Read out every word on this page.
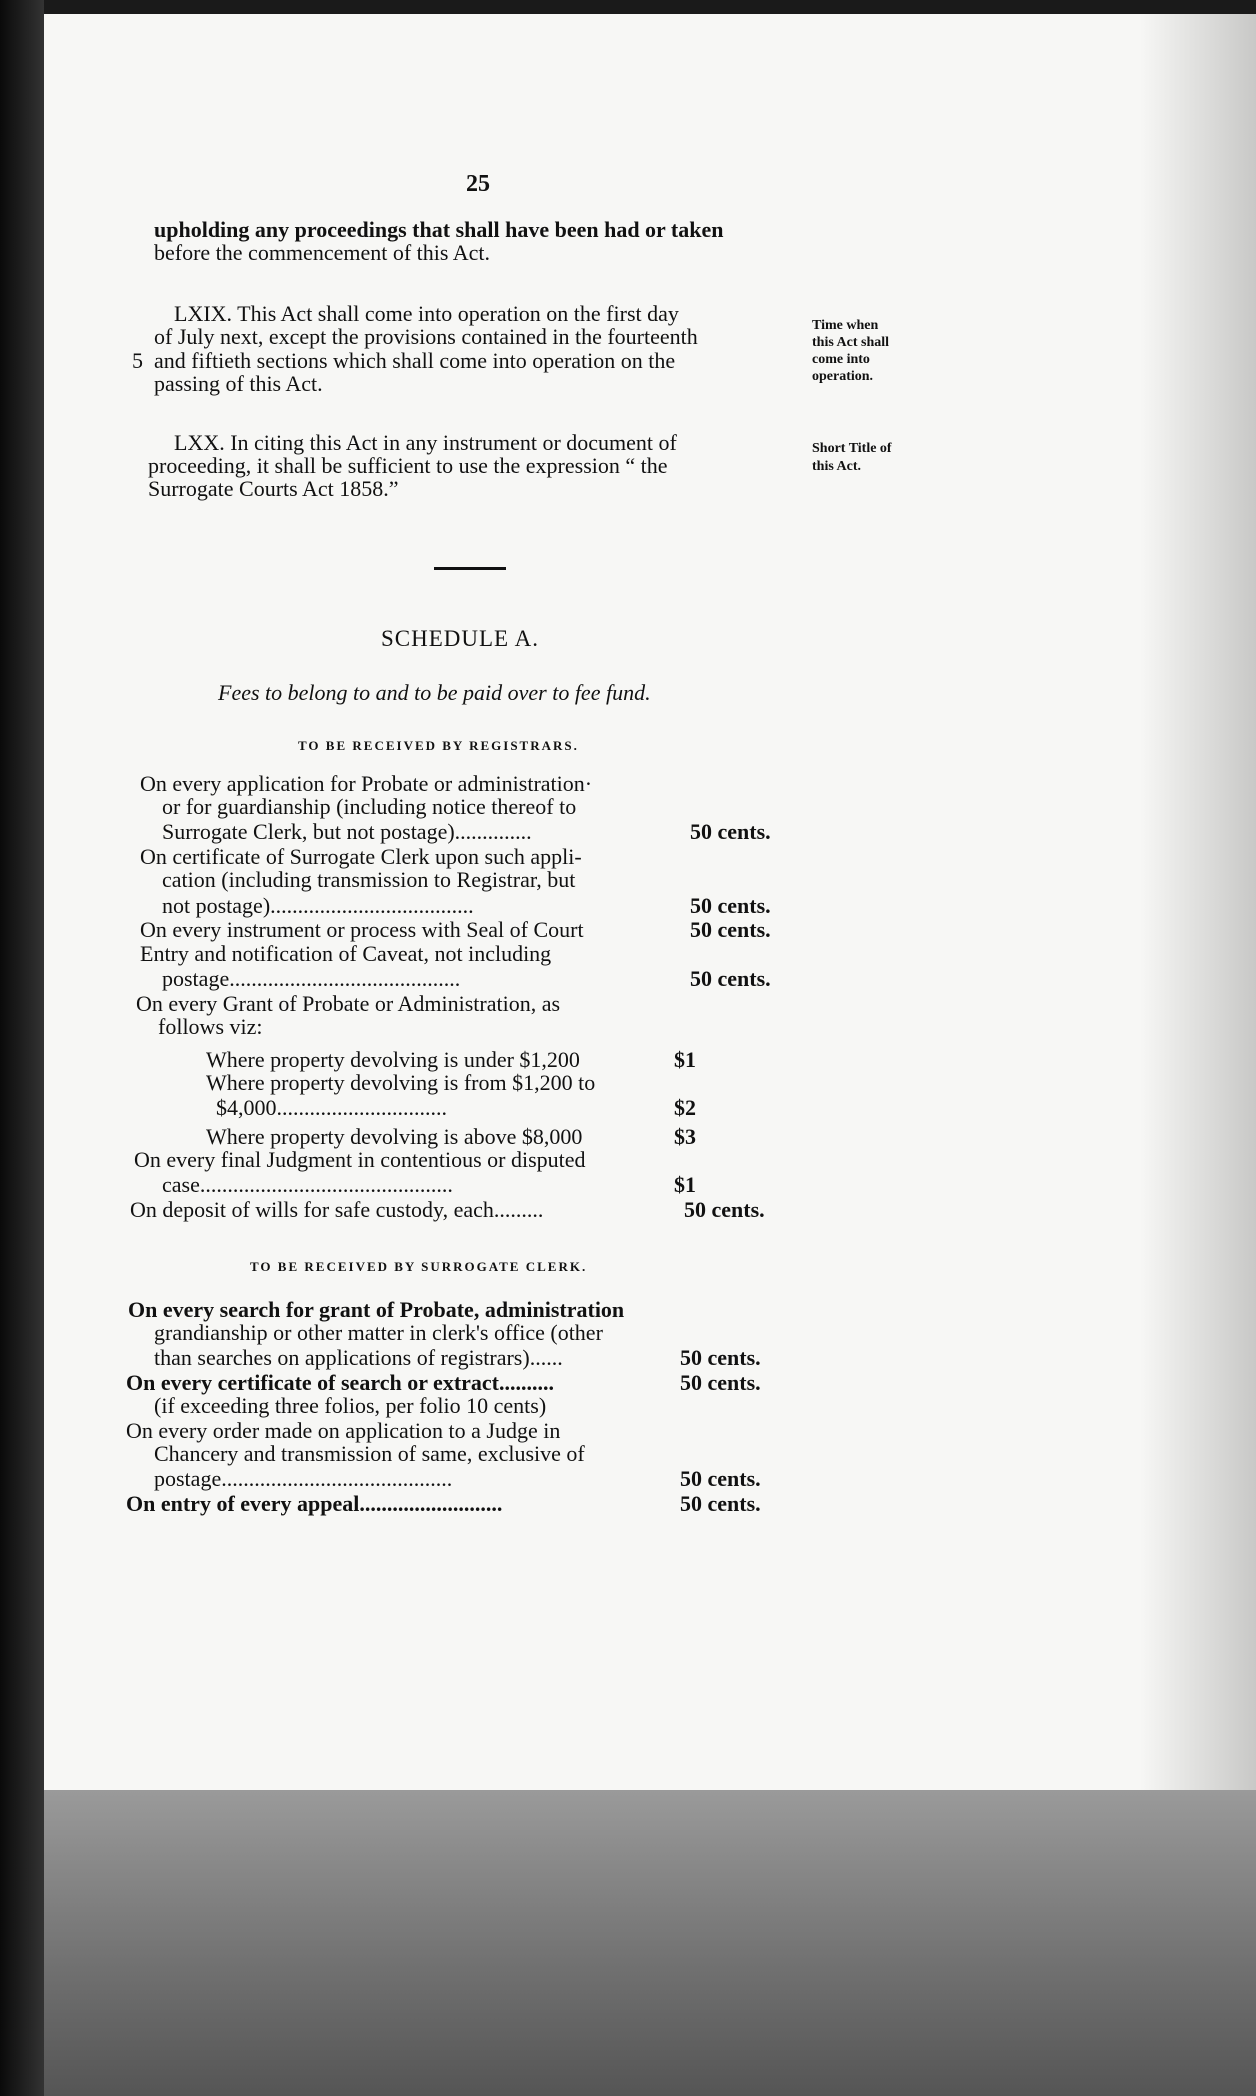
25
upholding any proceedings that shall have been had or taken
before the commencement of this Act.
LXIX. This Act shall come into operation on the first day
of July next, except the provisions contained in the fourteenth
5 and fiftieth sections which shall come into operation on the
passing of this Act.
Time when
this Act shall
come into
operation.
LXX. In citing this Act in any instrument or document of
proceeding, it shall be sufficient to use the expression “ the
Surrogate Courts Act 1858.”
Short Title of
this Act.
SCHEDULE A.
Fees to belong to and to be paid over to fee fund.
TO BE RECEIVED BY REGISTRARS.
On every application for Probate or administration·
or for guardianship (including notice thereof to
Surrogate Clerk, but not postage)..............	50 cents.
On certificate of Surrogate Clerk upon such appli-
cation (including transmission to Registrar, but
not postage).....................................	50 cents.
On every instrument or process with Seal of Court	50 cents.
Entry and notification of Caveat, not including
postage..........................................	50 cents.
On every Grant of Probate or Administration, as
follows viz:
Where property devolving is under $1,200	$1
Where property devolving is from $1,200 to
$4,000...............................	$2
Where property devolving is above $8,000	$3
On every final Judgment in contentious or disputed
case..............................................	$1
On deposit of wills for safe custody, each.........	50 cents.
TO BE RECEIVED BY SURROGATE CLERK.
On every search for grant of Probate, administration
grandianship or other matter in clerk's office (other
than searches on applications of registrars)......	50 cents.
On every certificate of search or extract..........	50 cents.
(if exceeding three folios, per folio 10 cents)
On every order made on application to a Judge in
Chancery and transmission of same, exclusive of
postage..........................................	50 cents.
On entry of every appeal..........................	50 cents.
